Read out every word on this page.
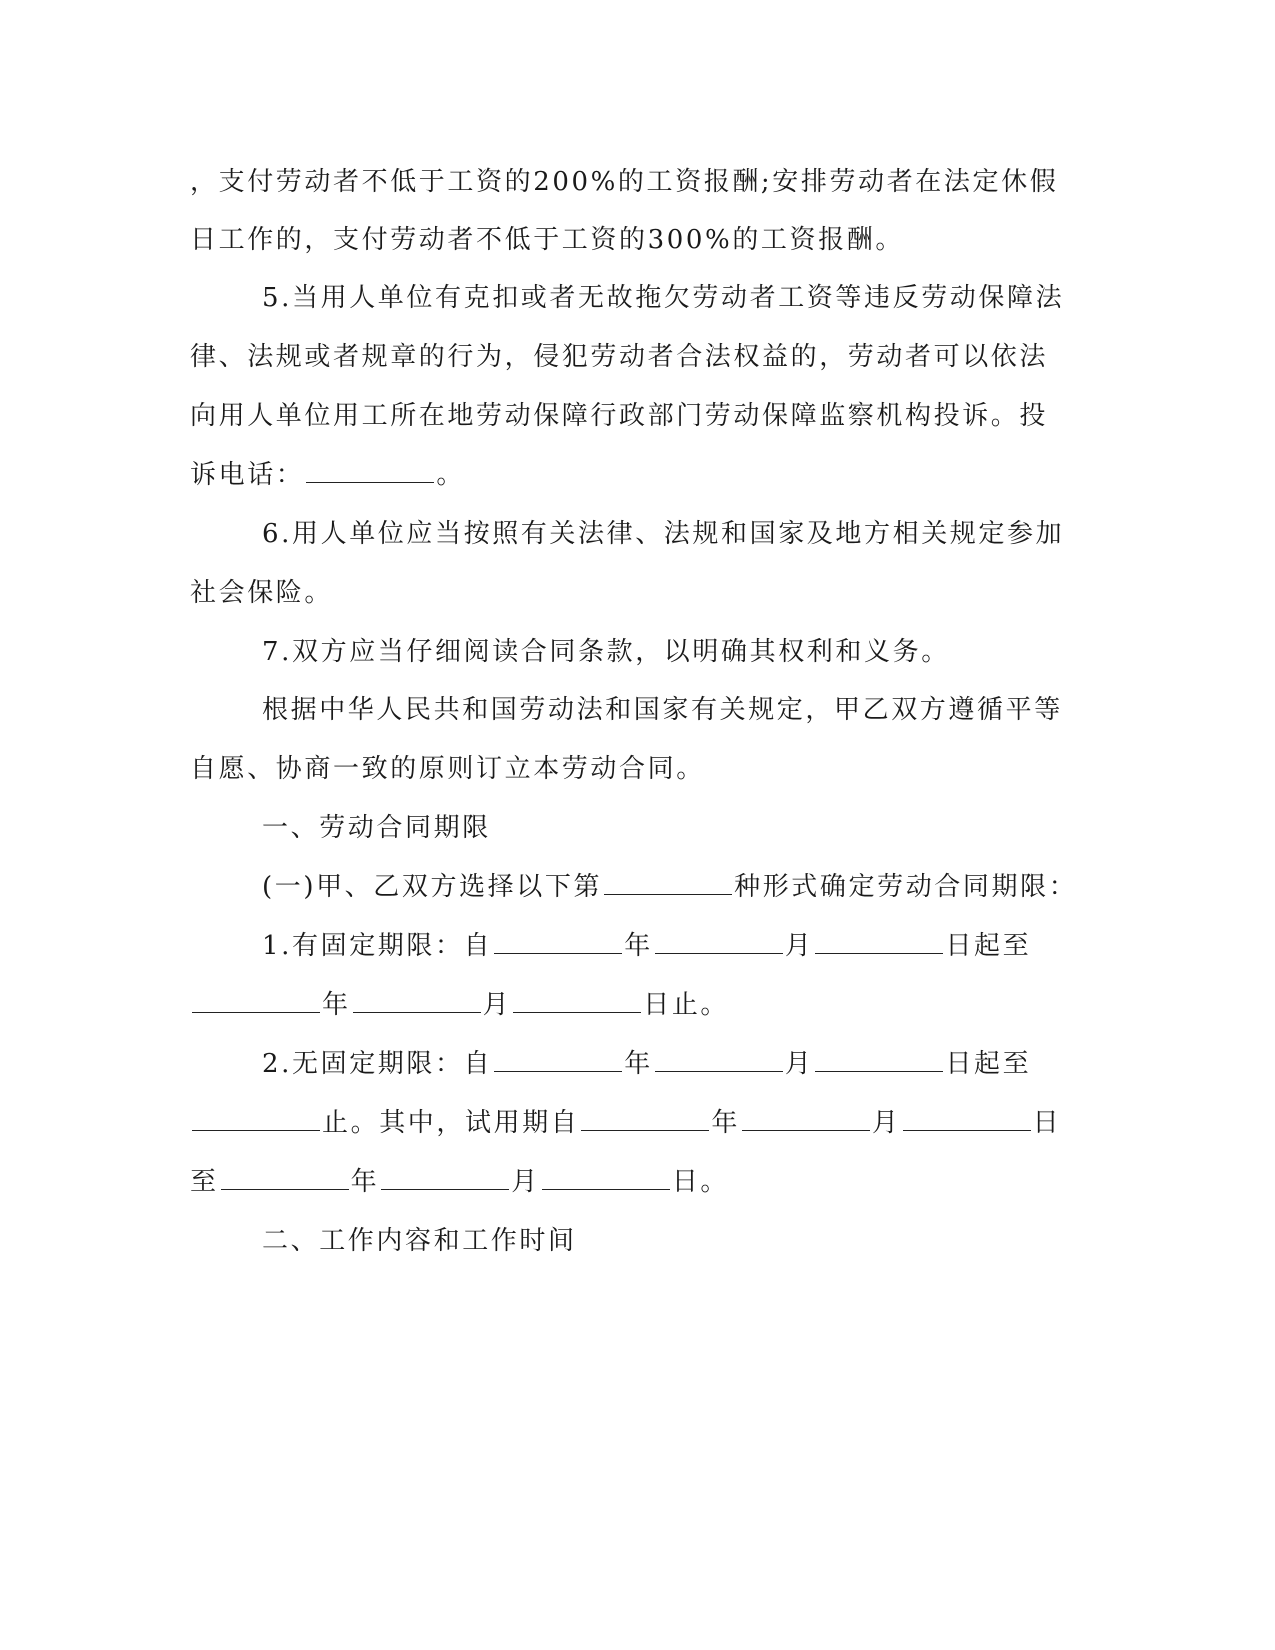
，支付劳动者不低于工资的200%的工资报酬;安排劳动者在法定休假
日工作的，支付劳动者不低于工资的300%的工资报酬。
5.当用人单位有克扣或者无故拖欠劳动者工资等违反劳动保障法
律、法规或者规章的行为，侵犯劳动者合法权益的，劳动者可以依法
向用人单位用工所在地劳动保障行政部门劳动保障监察机构投诉。投
诉电话：	。
6.用人单位应当按照有关法律、法规和国家及地方相关规定参加
社会保险。
7.双方应当仔细阅读合同条款，以明确其权利和义务。
根据中华人民共和国劳动法和国家有关规定，甲乙双方遵循平等
自愿、协商一致的原则订立本劳动合同。
一、劳动合同期限
(一)甲、乙双方选择以下第	种形式确定劳动合同期限：
1.有固定期限：自	年	月	日起至
年	月	日止。
2.无固定期限：自	年	月	日起至
止。其中，试用期自	年	月	日
至	年	月	日。
二、工作内容和工作时间
